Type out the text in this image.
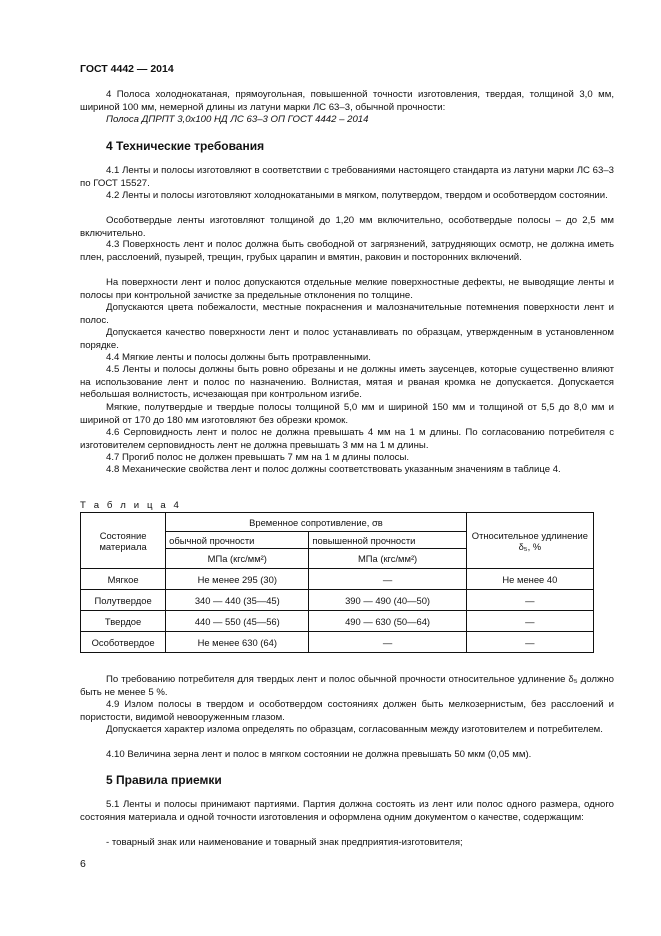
ГОСТ 4442 — 2014

4 Полоса холоднокатаная, прямоугольная, повышенной точности изготовления, твердая, толщиной 3,0 мм, шириной 100 мм, немерной длины из латуни марки ЛС 63–3, обычной прочности:

Полоса ДПРПТ 3,0х100 НД ЛС 63–3 ОП ГОСТ 4442 – 2014

4 Технические требования

4.1 Ленты и полосы изготовляют в соответствии с требованиями настоящего стандарта из латуни марки ЛС 63–3 по ГОСТ 15527.

4.2 Ленты и полосы изготовляют холоднокатаными в мягком, полутвердом, твердом и особотвердом состоянии.

Особотвердые ленты изготовляют толщиной до 1,20 мм включительно, особотвердые полосы – до 2,5 мм включительно.

4.3 Поверхность лент и полос должна быть свободной от загрязнений, затрудняющих осмотр, не должна иметь плен, расслоений, пузырей, трещин, грубых царапин и вмятин, раковин и посторонних включений.

На поверхности лент и полос допускаются отдельные мелкие поверхностные дефекты, не выводящие ленты и полосы при контрольной зачистке за предельные отклонения по толщине.

Допускаются цвета побежалости, местные покраснения и малозначительные потемнения поверхности лент и полос.

Допускается качество поверхности лент и полос устанавливать по образцам, утвержденным в установленном порядке.

4.4 Мягкие ленты и полосы должны быть протравленными.

4.5 Ленты и полосы должны быть ровно обрезаны и не должны иметь заусенцев, которые существенно влияют на использование лент и полос по назначению. Волнистая, мятая и рваная кромка не допускается. Допускается небольшая волнистость, исчезающая при контрольном изгибе.

Мягкие, полутвердые и твердые полосы толщиной 5,0 мм и шириной 150 мм и толщиной от 5,5 до 8,0 мм и шириной от 170 до 180 мм изготовляют без обрезки кромок.

4.6 Серповидность лент и полос не должна превышать 4 мм на 1 м длины. По согласованию потребителя с изготовителем серповидность лент не должна превышать 3 мм на 1 м длины.

4.7 Прогиб полос не должен превышать 7 мм на 1 м длины полосы.

4.8 Механические свойства лент и полос должны соответствовать указанным значениям в таблице 4.

Т а б л и ц а 4
Состояние материала	Временное сопротивление, σв		Относительное удлинение δ₅, %
	обычной прочности	повышенной прочности	
	МПа (кгс/мм²)	МПа (кгс/мм²)	
Мягкое	Не менее 295 (30)	—	Не менее 40
Полутвердое	340 — 440 (35—45)	390 — 490 (40—50)	—
Твердое	440 — 550 (45—56)	490 — 630 (50—64)	—
Особотвердое	Не менее 630 (64)	—	—

По требованию потребителя для твердых лент и полос обычной прочности относительное удлинение δ₅ должно быть не менее 5 %.

4.9 Излом полосы в твердом и особотвердом состояниях должен быть мелкозернистым, без расслоений и пористости, видимой невооруженным глазом.

Допускается характер излома определять по образцам, согласованным между изготовителем и потребителем.

4.10 Величина зерна лент и полос в мягком состоянии не должна превышать 50 мкм (0,05 мм).

5 Правила приемки

5.1 Ленты и полосы принимают партиями. Партия должна состоять из лент или полос одного размера, одного состояния материала и одной точности изготовления и оформлена одним документом о качестве, содержащим:

- товарный знак или наименование и товарный знак предприятия-изготовителя;

6
